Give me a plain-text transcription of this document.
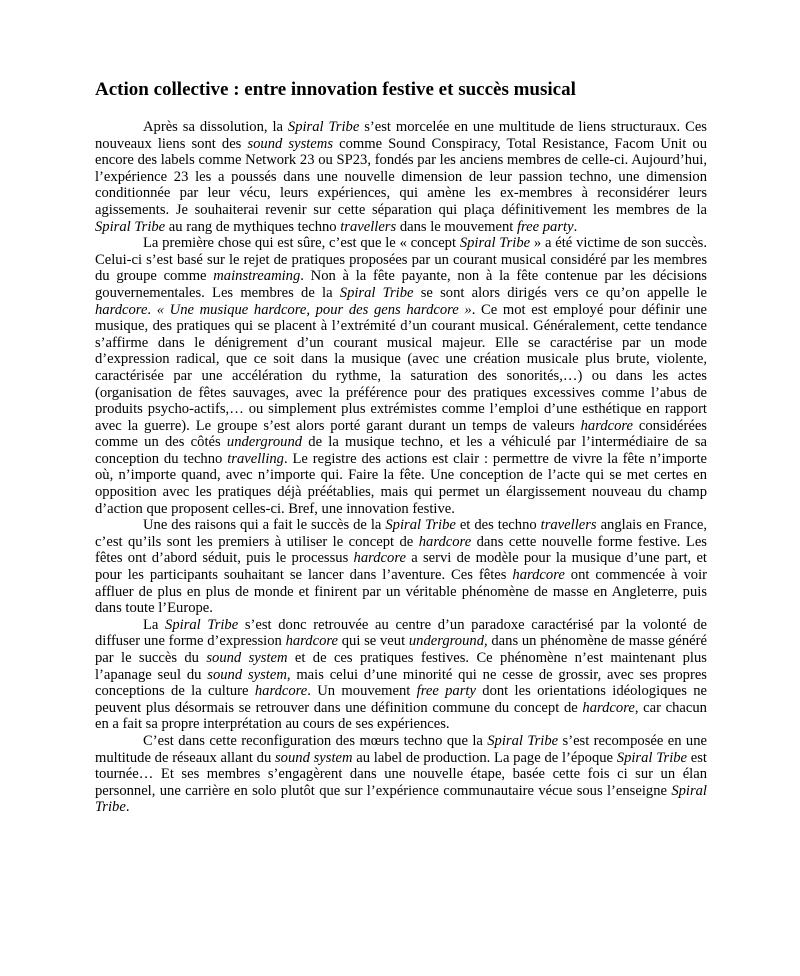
Action collective : entre innovation festive et succès musical

Après sa dissolution, la Spiral Tribe s’est morcelée en une multitude de liens structuraux. Ces nouveaux liens sont des sound systems comme Sound Conspiracy, Total Resistance, Facom Unit ou encore des labels comme Network 23 ou SP23, fondés par les anciens membres de celle-ci. Aujourd’hui, l’expérience 23 les a poussés dans une nouvelle dimension de leur passion techno, une dimension conditionnée par leur vécu, leurs expériences, qui amène les ex-membres à reconsidérer leurs agissements. Je souhaiterai revenir sur cette séparation qui plaça définitivement les membres de la Spiral Tribe au rang de mythiques techno travellers dans le mouvement free party.

La première chose qui est sûre, c’est que le « concept Spiral Tribe » a été victime de son succès. Celui-ci s’est basé sur le rejet de pratiques proposées par un courant musical considéré par les membres du groupe comme mainstreaming. Non à la fête payante, non à la fête contenue par les décisions gouvernementales. Les membres de la Spiral Tribe se sont alors dirigés vers ce qu’on appelle le hardcore. « Une musique hardcore, pour des gens hardcore ». Ce mot est employé pour définir une musique, des pratiques qui se placent à l’extrémité d’un courant musical. Généralement, cette tendance s’affirme dans le dénigrement d’un courant musical majeur. Elle se caractérise par un mode d’expression radical, que ce soit dans la musique (avec une création musicale plus brute, violente, caractérisée par une accélération du rythme, la saturation des sonorités,…) ou dans les actes (organisation de fêtes sauvages, avec la préférence pour des pratiques excessives comme l’abus de produits psycho-actifs,… ou simplement plus extrémistes comme l’emploi d’une esthétique en rapport avec la guerre). Le groupe s’est alors porté garant durant un temps de valeurs hardcore considérées comme un des côtés underground de la musique techno, et les a véhiculé par l’intermédiaire de sa conception du techno travelling. Le registre des actions est clair : permettre de vivre la fête n’importe où, n’importe quand, avec n’importe qui. Faire la fête. Une conception de l’acte qui se met certes en opposition avec les pratiques déjà préétablies, mais qui permet un élargissement nouveau du champ d’action que proposent celles-ci. Bref, une innovation festive.

Une des raisons qui a fait le succès de la Spiral Tribe et des techno travellers anglais en France, c’est qu’ils sont les premiers à utiliser le concept de hardcore dans cette nouvelle forme festive. Les fêtes ont d’abord séduit, puis le processus hardcore a servi de modèle pour la musique d’une part, et pour les participants souhaitant se lancer dans l’aventure. Ces fêtes hardcore ont commencée à voir affluer de plus en plus de monde et finirent par un véritable phénomène de masse en Angleterre, puis dans toute l’Europe.

La Spiral Tribe s’est donc retrouvée au centre d’un paradoxe caractérisé par la volonté de diffuser une forme d’expression hardcore qui se veut underground, dans un phénomène de masse généré par le succès du sound system et de ces pratiques festives. Ce phénomène n’est maintenant plus l’apanage seul du sound system, mais celui d’une minorité qui ne cesse de grossir, avec ses propres conceptions de la culture hardcore. Un mouvement free party dont les orientations idéologiques ne peuvent plus désormais se retrouver dans une définition commune du concept de hardcore, car chacun en a fait sa propre interprétation au cours de ses expériences.

C’est dans cette reconfiguration des mœurs techno que la Spiral Tribe s’est recomposée en une multitude de réseaux allant du sound system au label de production. La page de l’époque Spiral Tribe est tournée… Et ses membres s’engagèrent dans une nouvelle étape, basée cette fois ci sur un élan personnel, une carrière en solo plutôt que sur l’expérience communautaire vécue sous l’enseigne Spiral Tribe.
